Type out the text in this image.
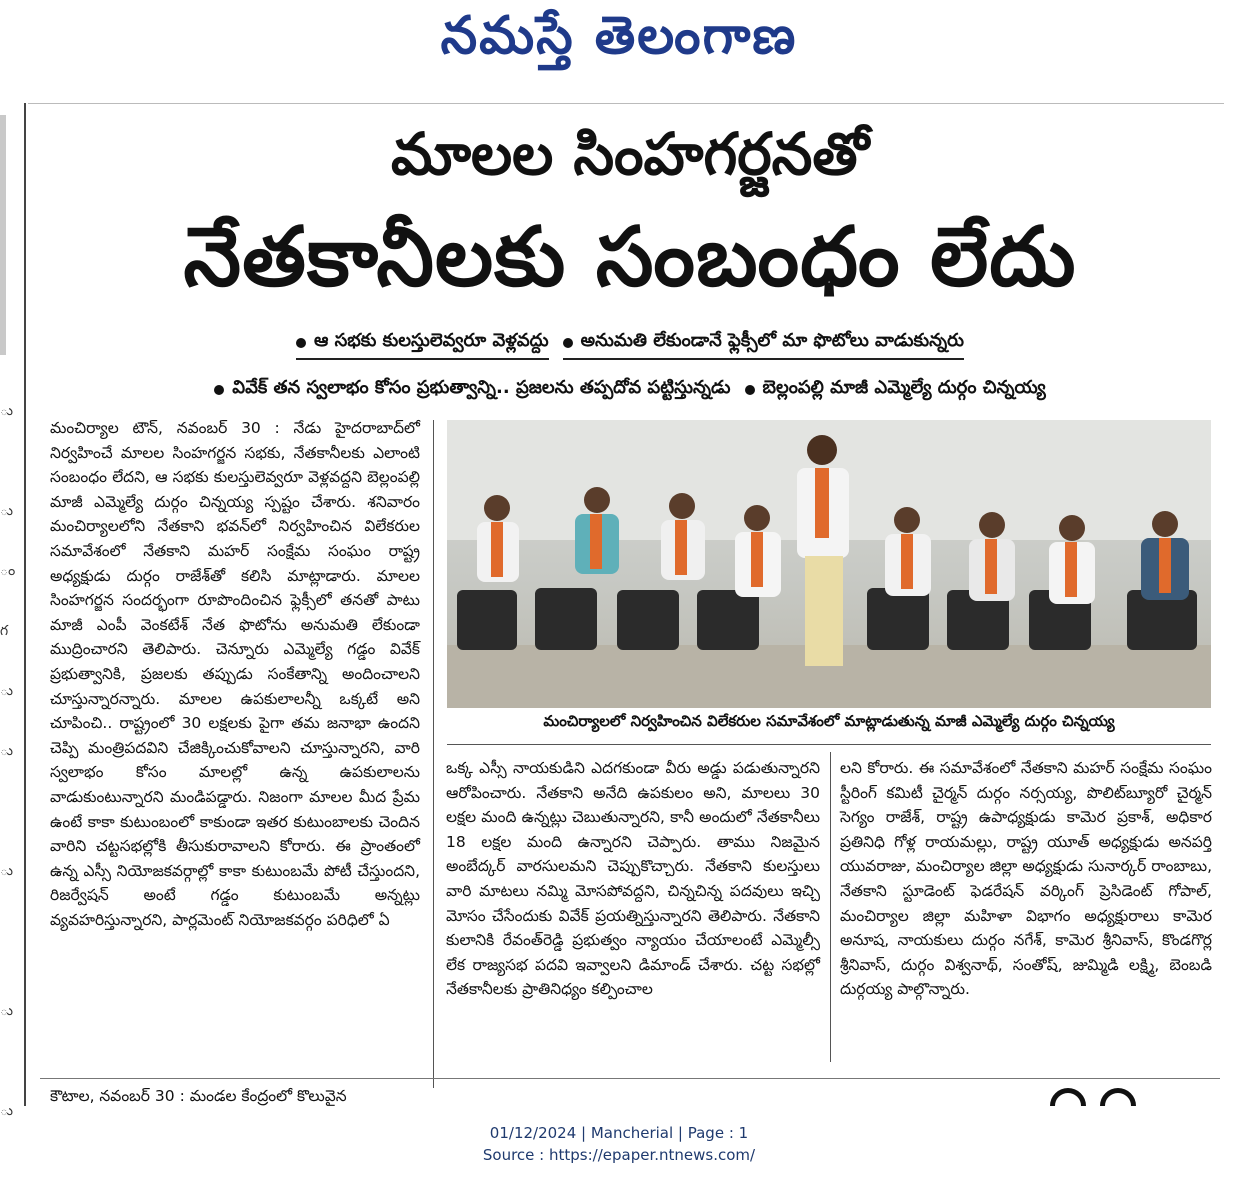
నమస్తే తెలంగాణ
ు
ు
ం
గ
ు
ు
ు
ు
ు
మాలల సింహగర్జనతో
నేతకానీలకు సంబంధం లేదు
ఆ సభకు కులస్తులెవ్వరూ వెళ్లవద్దు అనుమతి లేకుండానే ఫ్లెక్సీలో మా ఫొటోలు వాడుకున్నరు
వివేక్ తన స్వలాభం కోసం ప్రభుత్వాన్ని.. ప్రజలను తప్పదోవ పట్టిస్తున్నడు బెల్లంపల్లి మాజీ ఎమ్మెల్యే దుర్గం చిన్నయ్య
మంచిర్యాల టౌన్, నవంబర్ 30 : నేడు హైదరాబాద్‌లో నిర్వహించే మాలల సింహగర్జన సభకు, నేతకానీలకు ఎలాంటి సంబంధం లేదని, ఆ సభకు కులస్తులెవ్వరూ వెళ్లవద్దని బెల్లంపల్లి మాజీ ఎమ్మెల్యే దుర్గం చిన్నయ్య స్పష్టం చేశారు. శనివారం మంచిర్యాలలోని నేతకాని భవన్‌లో నిర్వహించిన విలేకరుల సమావేశంలో నేతకాని మహర్ సంక్షేమ సంఘం రాష్ట్ర అధ్యక్షుడు దుర్గం రాజేశ్‌తో కలిసి మాట్లాడారు. మాలల సింహగర్జన సందర్భంగా రూపొందించిన ఫ్లెక్సీలో తనతో పాటు మాజీ ఎంపీ వెంకటేశ్ నేత ఫొటోను అనుమతి లేకుండా ముద్రించారని తెలిపారు. చెన్నూరు ఎమ్మెల్యే గడ్డం వివేక్ ప్రభుత్వానికి, ప్రజలకు తప్పుడు సంకేతాన్ని అందించాలని చూస్తున్నారన్నారు. మాలల ఉపకులాలన్నీ ఒక్కటే అని చూపించి.. రాష్ట్రంలో 30 లక్షలకు పైగా తమ జనాభా ఉందని చెప్పి మంత్రిపదవిని చేజిక్కించుకోవాలని చూస్తున్నారని, వారి స్వలాభం కోసం మాలల్లో ఉన్న ఉపకులాలను వాడుకుంటున్నారని మండిపడ్డారు. నిజంగా మాలల మీద ప్రేమ ఉంటే కాకా కుటుంబంలో కాకుండా ఇతర కుటుంబాలకు చెందిన వారిని చట్టసభల్లోకి తీసుకురావాలని కోరారు. ఈ ప్రాంతంలో ఉన్న ఎస్సీ నియోజకవర్గాల్లో కాకా కుటుంబమే పోటీ చేస్తుందని, రిజర్వేషన్ అంటే గడ్డం కుటుంబమే అన్నట్లు వ్యవహరిస్తున్నారని, పార్లమెంట్ నియోజకవర్గం పరిధిలో ఏ
మంచిర్యాలలో నిర్వహించిన విలేకరుల సమావేశంలో మాట్లాడుతున్న మాజీ ఎమ్మెల్యే దుర్గం చిన్నయ్య
ఒక్క ఎస్సీ నాయకుడిని ఎదగకుండా వీరు అడ్డు పడుతున్నారని ఆరోపించారు. నేతకాని అనేది ఉపకులం అని, మాలలు 30 లక్షల మంది ఉన్నట్లు చెబుతున్నారని, కానీ అందులో నేతకానీలు 18 లక్షల మంది ఉన్నారని చెప్పారు. తాము నిజమైన అంబేద్కర్ వారసులమని చెప్పుకొచ్చారు. నేతకాని కులస్తులు వారి మాటలు నమ్మి మోసపోవద్దని, చిన్నచిన్న పదవులు ఇచ్చి మోసం చేసేందుకు వివేక్ ప్రయత్నిస్తున్నారని తెలిపారు. నేతకాని కులానికి రేవంత్‌రెడ్డి ప్రభుత్వం న్యాయం చేయాలంటే ఎమ్మెల్సీ లేక రాజ్యసభ పదవి ఇవ్వాలని డిమాండ్ చేశారు. చట్ట సభల్లో నేతకానీలకు ప్రాతినిధ్యం కల్పించాల
లని కోరారు. ఈ సమావేశంలో నేతకాని మహర్ సంక్షేమ సంఘం స్టీరింగ్ కమిటీ చైర్మన్ దుర్గం నర్సయ్య, పొలిట్‌బ్యూరో చైర్మన్ సెగ్యం రాజేశ్, రాష్ట్ర ఉపాధ్యక్షుడు కామెర ప్రకాశ్, అధికార ప్రతినిధి గోళ్ల రాయమల్లు, రాష్ట్ర యూత్ అధ్యక్షుడు అనపర్తి యువరాజు, మంచిర్యాల జిల్లా అధ్యక్షుడు సునార్కర్ రాంబాబు, నేతకాని స్టూడెంట్ ఫెడరేషన్ వర్కింగ్ ప్రెసిడెంట్ గోపాల్, మంచిర్యాల జిల్లా మహిళా విభాగం అధ్యక్షురాలు కామెర అనూష, నాయకులు దుర్గం నగేశ్, కామెర శ్రీనివాస్, కొండగొర్ల శ్రీనివాస్, దుర్గం విశ్వనాథ్, సంతోష్, జుమ్మిడి లక్ష్మి, బెంబడి దుర్గయ్య పాల్గొన్నారు.
కౌటాల, నవంబర్ 30 : మండల కేంద్రంలో కొలువైన
01/12/2024 | Mancherial | Page : 1
Source : https://epaper.ntnews.com/
